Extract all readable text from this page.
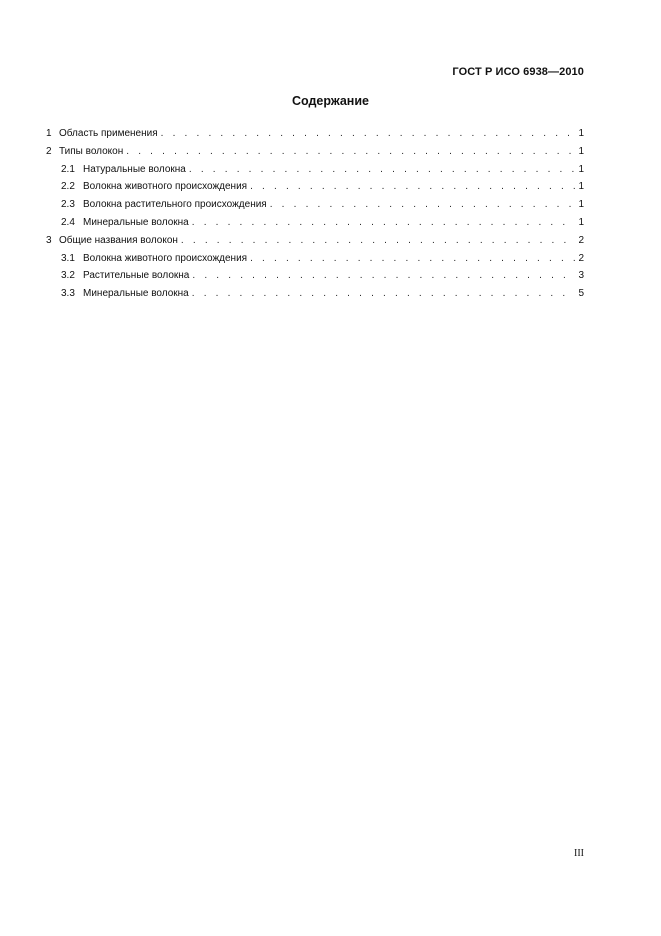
ГОСТ Р ИСО 6938—2010
Содержание
1 Область применения . . .	1
2 Типы волокон . . .	1
2.1 Натуральные волокна . . .	1
2.2 Волокна животного происхождения . . .	1
2.3 Волокна растительного происхождения . . .	1
2.4 Минеральные волокна . . .	1
3 Общие названия волокон . . .	2
3.1 Волокна животного происхождения . . .	2
3.2 Растительные волокна . . .	3
3.3 Минеральные волокна . . .	5
III
